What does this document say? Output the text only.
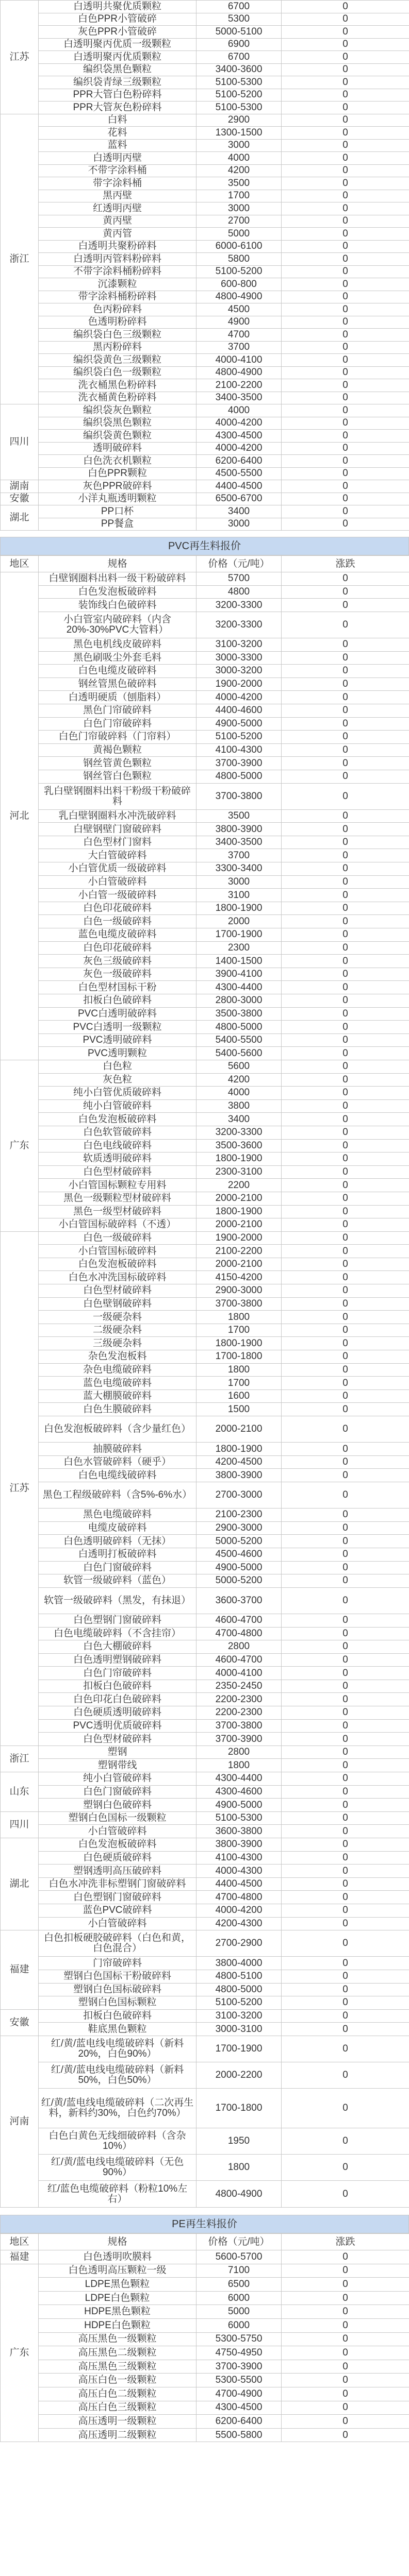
江苏	白透明共聚优质颗粒	6700	0
	白色PPR小管破碎	5300	0
	灰色PPR小管破碎	5000-5100	0
	白透明聚丙优质一级颗粒	6900	0
	白透明聚丙优质颗粒	6700	0
	编织袋黑色颗粒	3400-3600	0
	编织袋青绿三级颗粒	5100-5300	0
	PPR大管白色粉碎料	5100-5200	0
	PPR大管灰色粉碎料	5100-5300	0
浙江	白料	2900	0
	花料	1300-1500	0
	蓝料	3000	0
	白透明丙壁	4000	0
	不带字涂料桶	4200	0
	带字涂料桶	3500	0
	黑丙壁	1700	0
	红透明丙壁	3000	0
	黄丙壁	2700	0
	黄丙管	5000	0
	白透明共聚粉碎料	6000-6100	0
	白透明丙管料粉碎料	5800	0
	不带字涂料桶粉碎料	5100-5200	0
	沉漆颗粒	600-800	0
	带字涂料桶粉碎料	4800-4900	0
	色丙粉碎料	4500	0
	色透明粉碎料	4900	0
	编织袋白色三级颗粒	4700	0
	黑丙粉碎料	3700	0
	编织袋黄色三级颗粒	4000-4100	0
	编织袋白色一级颗粒	4800-4900	0
	洗衣桶黑色粉碎料	2100-2200	0
	洗衣桶黄色粉碎料	3400-3500	0
四川	编织袋灰色颗粒	4000	0
	编织袋黑色颗粒	4000-4200	0
	编织袋黄色颗粒	4300-4500	0
	透明破碎料	4000-4200	0
	白色洗衣机颗粒	6200-6400	0
	白色PPR颗粒	4500-5500	0
湖南	灰色PPR破碎料	4400-4500	0
安徽	小洋丸瓶透明颗粒	6500-6700	0
湖北	PP口杯	3400	0
	PP餐盒	3000	0
PVC再生料报价
地区	规格	价格（元/吨）	涨跌
河北	白壁钢圈料出料一级干粉破碎料	5700	0
	白色发泡板破碎料	4800	0
	装饰线白色破碎料	3200-3300	0
	小白管室内破碎料（内含20%-30%PVC大管料）	3200-3300	0
	黑色电机线皮破碎料	3100-3200	0
	黑色刷吸尘外套毛料	3000-3300	0
	白色电缆皮破碎料	3000-3200	0
	钢丝管黑色破碎料	1900-2000	0
	白透明硬质（刨脂料）	4000-4200	0
	黑色门帘破碎料	4400-4600	0
	白色门帘破碎料	4900-5000	0
	白色门帘破碎料（门帘料）	5100-5200	0
	黄褐色颗粒	4100-4300	0
	钢丝管黄色颗粒	3700-3900	0
	钢丝管白色颗粒	4800-5000	0
	乳白壁钢圈料出料干粉级干粉破碎料	3700-3800	0
	乳白壁钢圈料水冲洗破碎料	3500	0
	白壁钢壁门窗破碎料	3800-3900	0
	白色型材门窗料	3400-3500	0
	大白管破碎料	3700	0
	小白管优质一级破碎料	3300-3400	0
	小白管破碎料	3000	0
	小白管一级破碎料	3100	0
	白色印花破碎料	1800-1900	0
	白色一级破碎料	2000	0
	蓝色电缆皮破碎料	1700-1900	0
	白色印花破碎料	2300	0
	灰色三级破碎料	1400-1500	0
	灰色一级破碎料	3900-4100	0
	白色型材国标干粉	4300-4400	0
	扣板白色破碎料	2800-3000	0
	PVC白透明破碎料	3500-3800	0
	PVC白透明一级颗粒	4800-5000	0
	PVC透明破碎料	5400-5500	0
	PVC透明颗粒	5400-5600	0
广东	白色粒	5600	0
	灰色粒	4200	0
	纯小白管优质破碎料	4000	0
	纯小白管破碎料	3800	0
	白色发泡板破碎料	3400	0
	白色软管破碎料	3200-3300	0
	白色电线破碎料	3500-3600	0
	软质透明破碎料	1800-1900	0
	白色型材破碎料	2300-3100	0
	小白管国标颗粒专用料	2200	0
	黑色一级颗粒型材破碎料	2000-2100	0
	黑色一级型材破碎料	1800-1900	0
	小白管国标破碎料（不透）	2000-2100	0
江苏	白色一级破碎料	1900-2000	0
	小白管国标破碎料	2100-2200	0
	白色发泡板破碎料	2000-2100	0
	白色水冲洗国标破碎料	4150-4200	0
	白色型材破碎料	2900-3000	0
	白色壁钢破碎料	3700-3800	0
	一级硬杂料	1800	0
	二级硬杂料	1700	0
	三级硬杂料	1800-1900	0
	杂色发泡板料	1700-1800	0
	杂色电缆破碎料	1800	0
	蓝色电缆破碎料	1700	0
	蓝大棚膜破碎料	1600	0
	白色生膜破碎料	1500	0
	白色发泡板破碎料（含少量红色）	2000-2100	0
	抽膜破碎料	1800-1900	0
	白色水管破碎料（硬乎）	4200-4500	0
	白色电缆线破碎料	3800-3900	0
	黑色工程级破碎料（含5%-6%水）	2700-3000	0
	黑色电缆破碎料	2100-2300	0
	电缆皮破碎料	2900-3000	0
	白色透明破碎料（无抹）	5000-5200	0
	白透明打板破碎料	4500-4600	0
	白色门窗破碎料	4900-5000	0
	软管一级破碎料（蓝色）	5000-5200	0
	软管一级破碎料（黑发，有抹退）	3600-3700	0
	白色塑钢门窗破碎料	4600-4700	0
	白色电缆破碎料（不含挂帘）	4700-4800	0
	白色大棚破碎料	2800	0
	白色透明塑钢破碎料	4600-4700	0
	白色门帘破碎料	4000-4100	0
	扣板白色破碎料	2350-2450	0
	白色印花白色破碎料	2200-2300	0
	白色硬质透明破碎料	2200-2300	0
	PVC透明优质破碎料	3700-3800	0
	白色型材破碎料	3700-3900	0
浙江	塑钢	2800	0
	塑钢带线	1800	0
山东	纯小白管破碎料	4300-4400	0
	白色门窗破碎料	4300-4600	0
	塑钢白色破碎料	4900-5000	0
四川	塑钢白色国标一级颗粒	5100-5300	0
	小白管破碎料	3600-3800	0
湖北	白色发泡板破碎料	3800-3900	0
	白色硬质破碎料	4100-4300	0
	塑钢透明高压破碎料	4000-4300	0
	白色水冲洗非标塑钢门窗破碎料	4400-4500	0
	白色塑钢门窗破碎料	4700-4800	0
	蓝色PVC破碎料	4000-4200	0
	小白管破碎料	4200-4300	0
福建	白色扣板硬胶破碎料（白色和黄，白色混合）	2700-2900	0
	门帘破碎料	3800-4000	0
	塑钢白色国标干粉破碎料	4800-5100	0
	塑钢白色国标破碎料	4800-5000	0
	塑钢白色国标颗粒	5100-5200	0
安徽	扣板白色破碎料	3100-3200	0
	鞋底黑色颗粒	3000-3100	0
河南	红/黄/蓝电线电缆破碎料（新料20%，白色90%）	1700-1900	0
	红/黄/蓝电线电缆破碎料（新料50%，白色50%）	2000-2200	0
	红/黄/蓝电线电缆破碎料（二次再生料，新料约30%，白色约70%）	1700-1800	0
	白色白黄色无线细破碎料（含杂10%）	1950	0
	红/黄/蓝电线电缆破碎料（无色90%）	1800	0
	红/蓝色电缆破碎料（粉粒10%左右）	4800-4900	0
PE再生料报价
地区	规格	价格（元/吨）	涨跌
福建	白色透明吹膜料	5600-5700	0
广东	白色透明高压颗粒一级	7100	0
	LDPE黑色颗粒	6500	0
	LDPE白色颗粒	6000	0
	HDPE黑色颗粒	5000	0
	HDPE白色颗粒	6000	0
	高压黑色一级颗粒	5300-5750	0
	高压黑色二级颗粒	4750-4950	0
	高压黑色三级颗粒	3700-3900	0
	高压白色一级颗粒	5300-5500	0
	高压白色二级颗粒	4700-4900	0
	高压白色三级颗粒	4300-4500	0
	高压透明一级颗粒	6200-6400	0
	高压透明二级颗粒	5500-5800	0
